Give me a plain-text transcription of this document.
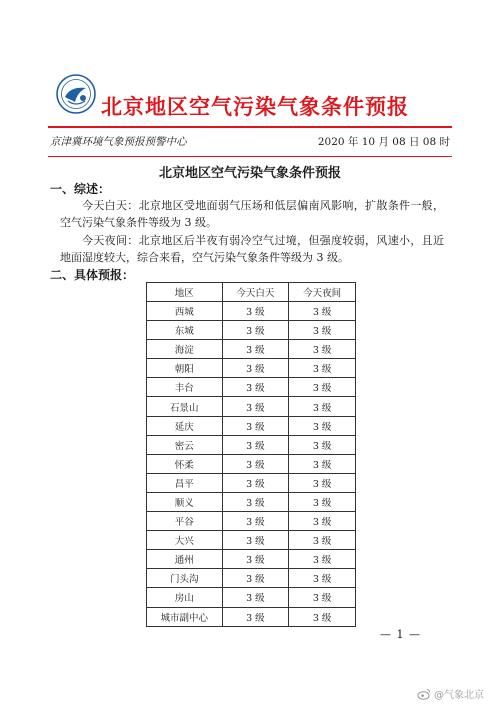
北京地区空气污染气象条件预报
京津冀环境气象预报预警中心	2020 年 10 月 08 日 08 时
北京地区空气污染气象条件预报
一、综述：
今天白天：北京地区受地面弱气压场和低层偏南风影响，扩散条件一般，空气污染气象条件等级为 3 级。
今天夜间：北京地区后半夜有弱冷空气过境，但强度较弱，风速小，且近地面湿度较大，综合来看，空气污染气象条件等级为 3 级。
二、具体预报：
地区	今天白天	今天夜间
西城	3 级	3 级
东城	3 级	3 级
海淀	3 级	3 级
朝阳	3 级	3 级
丰台	3 级	3 级
石景山	3 级	3 级
延庆	3 级	3 级
密云	3 级	3 级
怀柔	3 级	3 级
昌平	3 级	3 级
顺义	3 级	3 级
平谷	3 级	3 级
大兴	3 级	3 级
通州	3 级	3 级
门头沟	3 级	3 级
房山	3 级	3 级
城市副中心	3 级	3 级
— 1 —
@气象北京
